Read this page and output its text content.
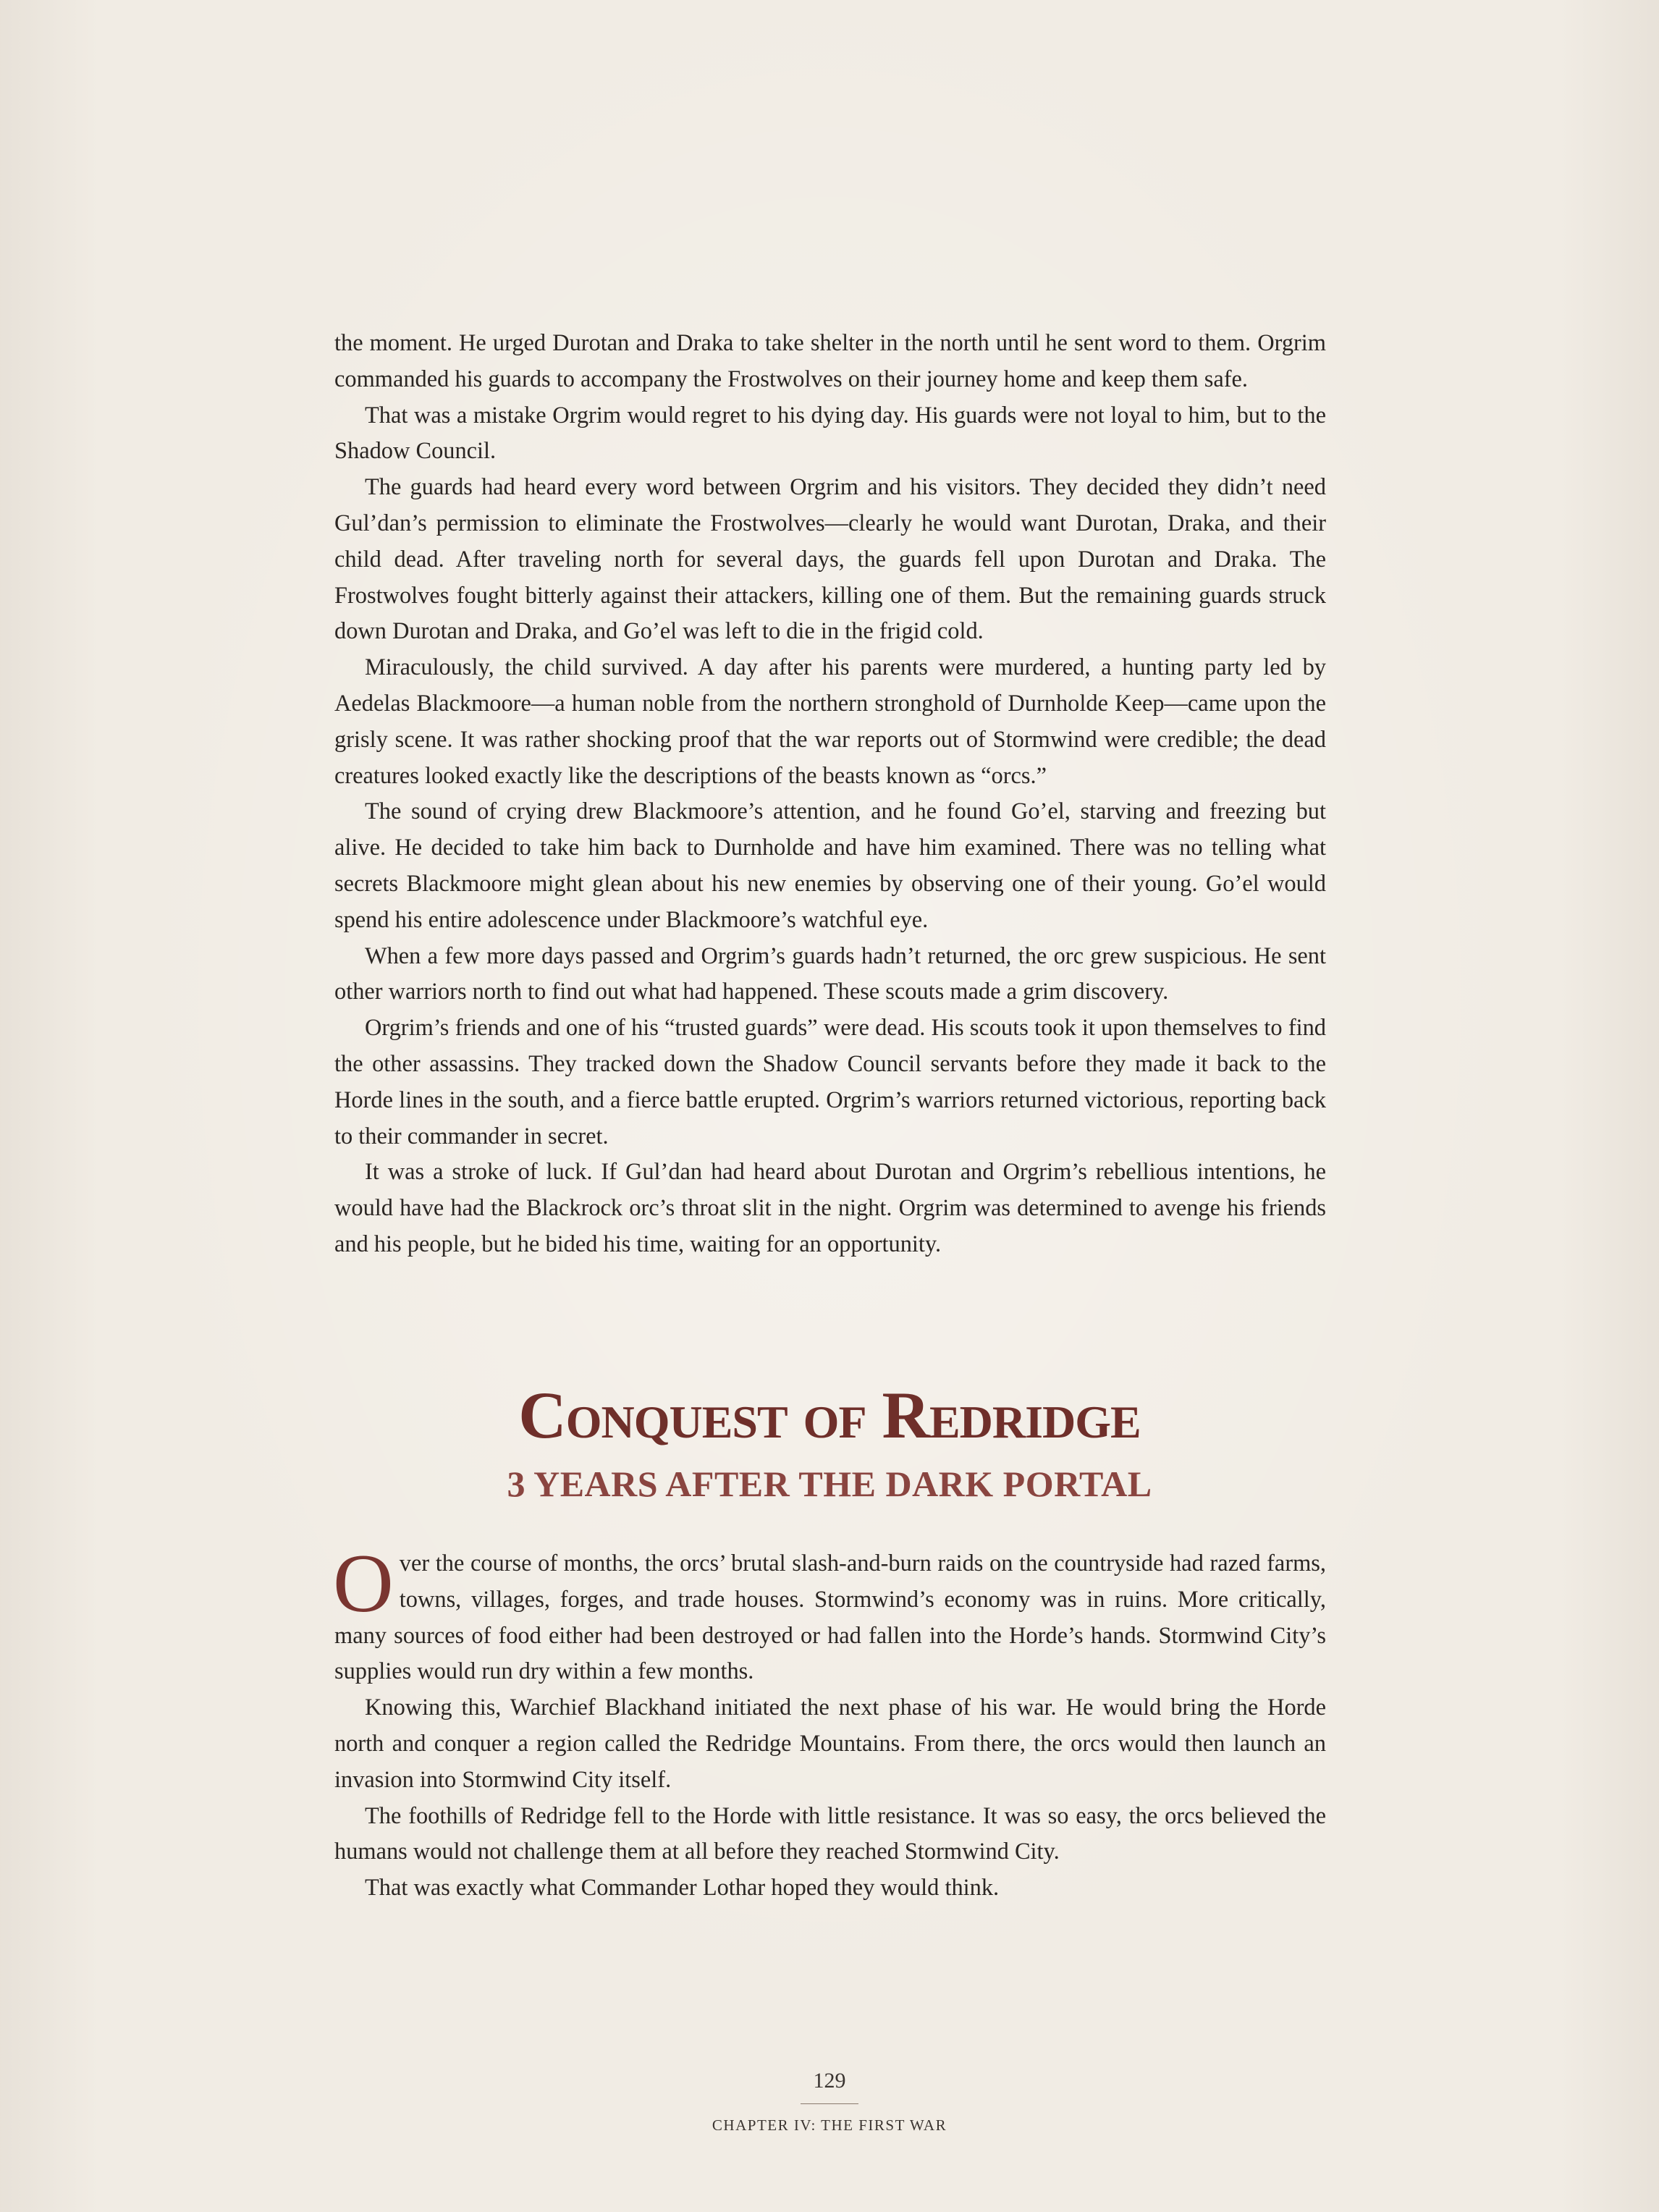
the moment. He urged Durotan and Draka to take shelter in the north until he sent word to them. Orgrim commanded his guards to accompany the Frostwolves on their journey home and keep them safe.

That was a mistake Orgrim would regret to his dying day. His guards were not loyal to him, but to the Shadow Council.

The guards had heard every word between Orgrim and his visitors. They decided they didn’t need Gul’dan’s permission to eliminate the Frostwolves—clearly he would want Durotan, Draka, and their child dead. After traveling north for several days, the guards fell upon Durotan and Draka. The Frostwolves fought bitterly against their attackers, killing one of them. But the remaining guards struck down Durotan and Draka, and Go’el was left to die in the frigid cold.

Miraculously, the child survived. A day after his parents were murdered, a hunting party led by Aedelas Blackmoore—a human noble from the northern stronghold of Durnholde Keep—came upon the grisly scene. It was rather shocking proof that the war reports out of Stormwind were credible; the dead creatures looked exactly like the descriptions of the beasts known as “orcs.”

The sound of crying drew Blackmoore’s attention, and he found Go’el, starving and freezing but alive. He decided to take him back to Durnholde and have him examined. There was no telling what secrets Blackmoore might glean about his new enemies by observing one of their young. Go’el would spend his entire adolescence under Blackmoore’s watchful eye.

When a few more days passed and Orgrim’s guards hadn’t returned, the orc grew suspicious. He sent other warriors north to find out what had happened. These scouts made a grim discovery.

Orgrim’s friends and one of his “trusted guards” were dead. His scouts took it upon themselves to find the other assassins. They tracked down the Shadow Council servants before they made it back to the Horde lines in the south, and a fierce battle erupted. Orgrim’s warriors returned victorious, reporting back to their commander in secret.

It was a stroke of luck. If Gul’dan had heard about Durotan and Orgrim’s rebellious intentions, he would have had the Blackrock orc’s throat slit in the night. Orgrim was determined to avenge his friends and his people, but he bided his time, waiting for an opportunity.

Conquest of Redridge
3 YEARS AFTER THE DARK PORTAL

Over the course of months, the orcs’ brutal slash-and-burn raids on the countryside had razed farms, towns, villages, forges, and trade houses. Stormwind’s economy was in ruins. More critically, many sources of food either had been destroyed or had fallen into the Horde’s hands. Stormwind City’s supplies would run dry within a few months.

Knowing this, Warchief Blackhand initiated the next phase of his war. He would bring the Horde north and conquer a region called the Redridge Mountains. From there, the orcs would then launch an invasion into Stormwind City itself.

The foothills of Redridge fell to the Horde with little resistance. It was so easy, the orcs believed the humans would not challenge them at all before they reached Stormwind City.

That was exactly what Commander Lothar hoped they would think.

129
CHAPTER IV: THE FIRST WAR
